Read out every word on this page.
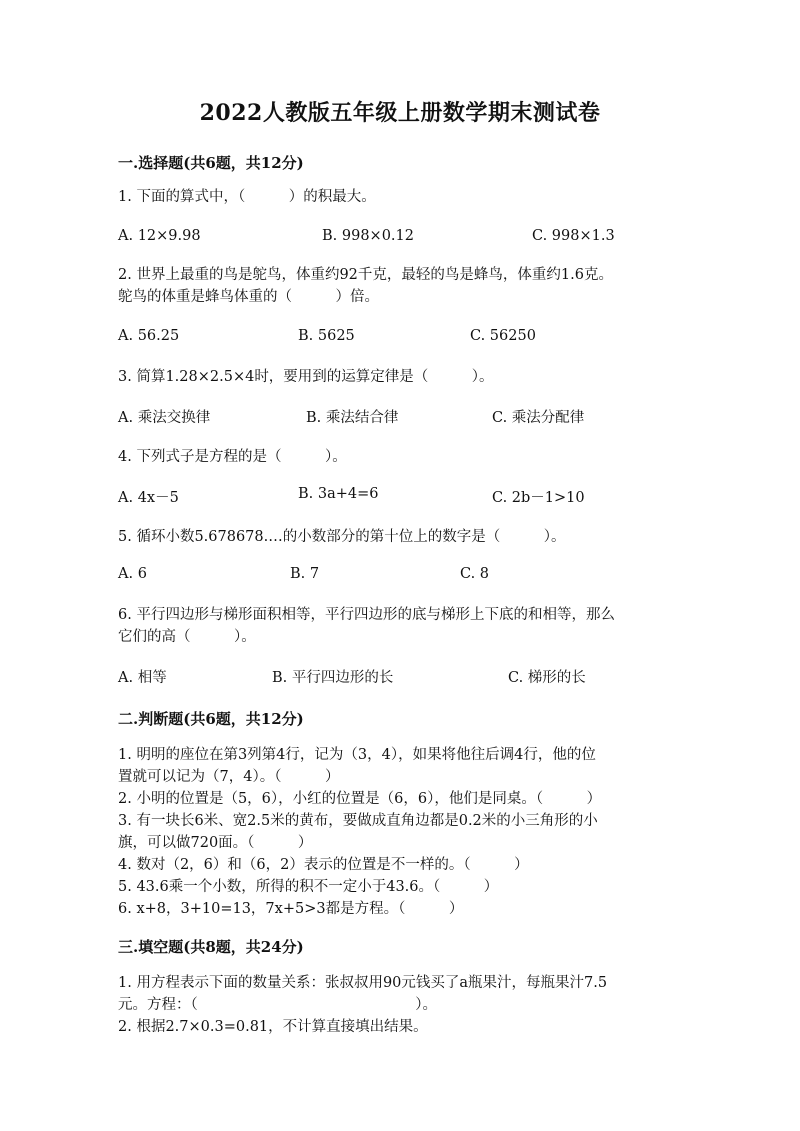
2022人教版五年级上册数学期末测试卷
一.选择题(共6题，共12分)
1. 下面的算式中，（　　　）的积最大。
A. 12×9.98	B. 998×0.12	C. 998×1.3
2. 世界上最重的鸟是鸵鸟，体重约92千克，最轻的鸟是蜂鸟，体重约1.6克。
鸵鸟的体重是蜂鸟体重的（　　　）倍。
A. 56.25	B. 5625	C. 56250
3. 简算1.28×2.5×4时，要用到的运算定律是（　　　）。
A. 乘法交换律	B. 乘法结合律	C. 乘法分配律
4. 下列式子是方程的是（　　　）。
A. 4x－5	B. 3a+4=6	C. 2b－1>10
5. 循环小数5.678678.…的小数部分的第十位上的数字是（　　　）。
A. 6	B. 7	C. 8
6. 平行四边形与梯形面积相等，平行四边形的底与梯形上下底的和相等，那么
它们的高（　　　）。
A. 相等	B. 平行四边形的长	C. 梯形的长
二.判断题(共6题，共12分)
1. 明明的座位在第3列第4行，记为（3，4），如果将他往后调4行，他的位
置就可以记为（7，4）。（　　　）
2. 小明的位置是（5，6），小红的位置是（6，6），他们是同桌。（　　　）
3. 有一块长6米、宽2.5米的黄布，要做成直角边都是0.2米的小三角形的小
旗，可以做720面。（　　　）
4. 数对（2，6）和（6，2）表示的位置是不一样的。（　　　）
5. 43.6乘一个小数，所得的积不一定小于43.6。（　　　）
6. x+8，3+10=13，7x+5>3都是方程。（　　　）
三.填空题(共8题，共24分)
1. 用方程表示下面的数量关系：张叔叔用90元钱买了a瓶果汁，每瓶果汁7.5
元。方程：（　　　　　　　　　　　　　　　）。
2. 根据2.7×0.3=0.81，不计算直接填出结果。
